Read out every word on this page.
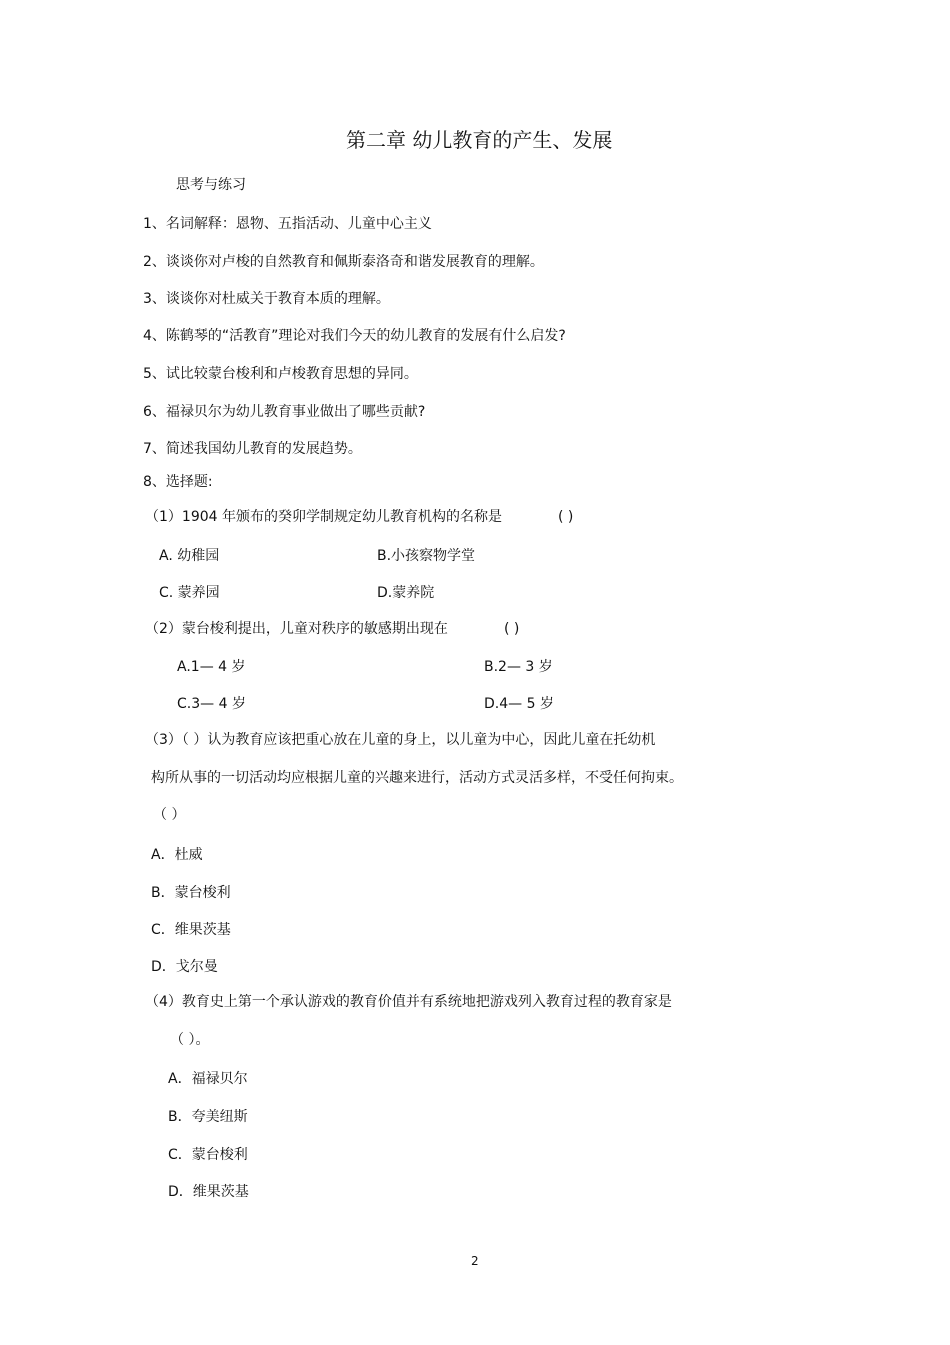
第二章 幼儿教育的产生、发展
思考与练习
1、名词解释：恩物、五指活动、儿童中心主义
2、谈谈你对卢梭的自然教育和佩斯泰洛奇和谐发展教育的理解。
3、谈谈你对杜威关于教育本质的理解。
4、陈鹤琴的“活教育”理论对我们今天的幼儿教育的发展有什么启发?
5、试比较蒙台梭利和卢梭教育思想的异同。
6、福禄贝尔为幼儿教育事业做出了哪些贡献?
7、简述我国幼儿教育的发展趋势。
8、选择题:
（1）1904 年颁布的癸卯学制规定幼儿教育机构的名称是	( )
A. 幼稚园	B.小孩察物学堂
C. 蒙养园	D.蒙养院
（2）蒙台梭利提出，儿童对秩序的敏感期出现在	( )
A.1— 4 岁	B.2— 3 岁
C.3— 4 岁	D.4— 5 岁
（3）（ ）认为教育应该把重心放在儿童的身上，以儿童为中心，因此儿童在托幼机
构所从事的一切活动均应根据儿童的兴趣来进行，活动方式灵活多样，不受任何拘束。
（ ）
A．杜威
B．蒙台梭利
C．维果茨基
D．戈尔曼
（4）教育史上第一个承认游戏的教育价值并有系统地把游戏列入教育过程的教育家是
（ ）。
A．福禄贝尔
B．夸美纽斯
C．蒙台梭利
D．维果茨基
2
